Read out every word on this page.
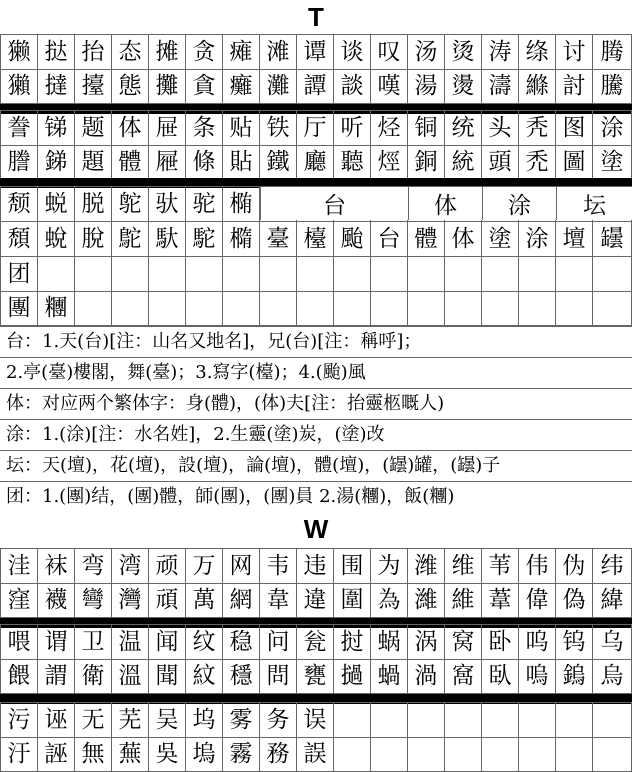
T
獭 挞 抬 态 摊 贪 瘫 滩 谭 谈 叹 汤 烫 涛 绦 讨 腾
獺 撻 擡 態 攤 貪 癱 灘 譚 談 嘆 湯 燙 濤 縧 討 騰
誊 锑 题 体 屉 条 贴 铁 厅 听 烃 铜 统 头 秃 图 涂
謄 銻 題 體 屜 條 貼 鐵 廳 聽 烴 銅 統 頭 禿 圖 塗
颓 蜕 脱 鸵 驮 驼 椭
頹 蛻 脫 鴕 馱 駝 橢 臺 檯 颱 台 體 体 塗 涂 壇 罎
台	体 涂 坛
团
團 糰
台：1.天(台)[注：山名又地名]，兄(台)[注：稱呼]；
2.亭(臺)樓閣，舞(臺)；3.寫字(檯)；4.(颱)風
体：对应两个繁体字：身(體)，(体)夫[注：抬靈柩嘅人)
涂：1.(涂)[注：水名姓]，2.生靈(塗)炭，(塗)改
坛：天(壇)，花(壇)，設(壇)，論(壇)，體(壇)，(罎)罐，(罎)子
团：1.(團)结，(團)體，師(團)，(團)員 2.湯(糰)，飯(糰)
W
洼 袜 弯 湾 顽 万 网 韦 违 围 为 潍 维 苇 伟 伪 纬
窪 襪 彎 灣 頑 萬 網 韋 違 圍 為 濰 維 葦 偉 偽 緯
喂 谓 卫 温 闻 纹 稳 问 瓮 挝 蜗 涡 窝 卧 呜 钨 乌
餵 謂 衛 溫 聞 紋 穩 問 甕 撾 蝸 渦 窩 臥 嗚 鎢 烏
污 诬 无 芜 吴 坞 雾 务 误
汙 誣 無 蕪 吳 塢 霧 務 誤
